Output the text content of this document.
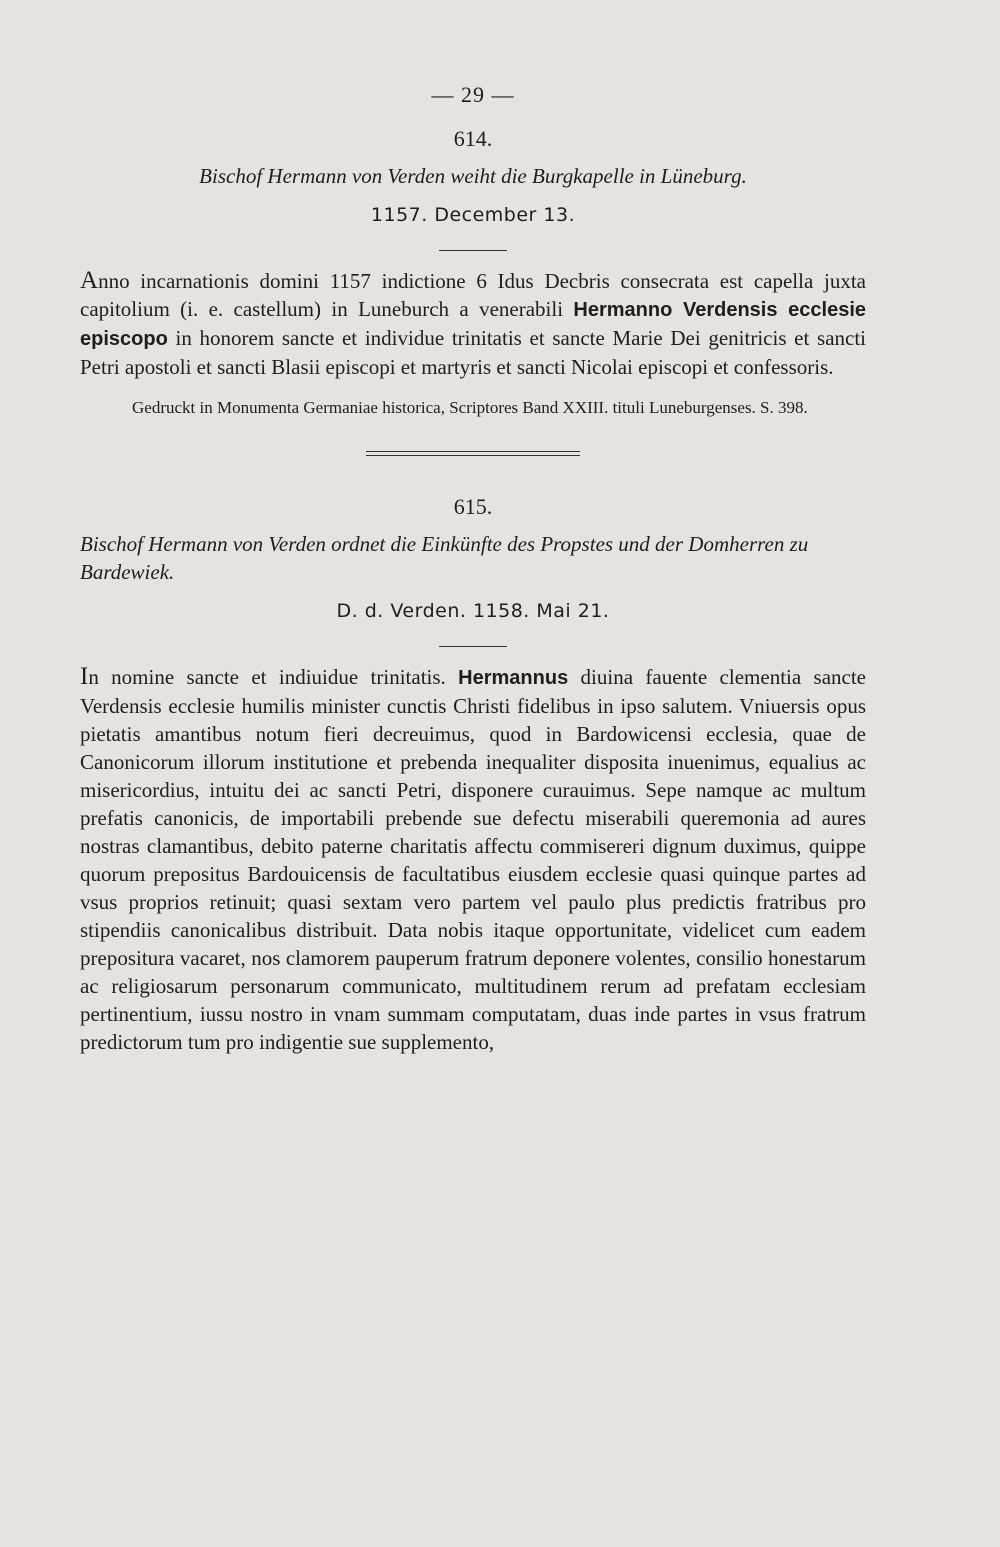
— 29 —
614.
Bischof Hermann von Verden weiht die Burgkapelle in Lüneburg.
1157. December 13.

Anno incarnationis domini 1157 indictione 6 Idus Decbris consecrata est capella juxta capitolium (i. e. castellum) in Luneburch a venerabili Hermanno Verdensis ecclesie episcopo in honorem sancte et individue trinitatis et sancte Marie Dei genitricis et sancti Petri apostoli et sancti Blasii episcopi et martyris et sancti Nicolai episcopi et confessoris.

Gedruckt in Monumenta Germaniae historica, Scriptores Band XXIII. tituli Luneburgenses. S. 398.

615.
Bischof Hermann von Verden ordnet die Einkünfte des Propstes und der Domherren zu Bardewiek.
D. d. Verden. 1158. Mai 21.

In nomine sancte et indiuidue trinitatis. Hermannus diuina fauente clementia sancte Verdensis ecclesie humilis minister cunctis Christi fidelibus in ipso salutem. Vniuersis opus pietatis amantibus notum fieri decreuimus, quod in Bardowicensi ecclesia, quae de Canonicorum illorum institutione et prebenda inequaliter disposita inuenimus, equalius ac misericordius, intuitu dei ac sancti Petri, disponere curauimus. Sepe namque ac multum prefatis canonicis, de importabili prebende sue defectu miserabili queremonia ad aures nostras clamantibus, debito paterne charitatis affectu commisereri dignum duximus, quippe quorum prepositus Bardouicensis de facultatibus eiusdem ecclesie quasi quinque partes ad vsus proprios retinuit; quasi sextam vero partem vel paulo plus predictis fratribus pro stipendiis canonicalibus distribuit. Data nobis itaque opportunitate, videlicet cum eadem prepositura vacaret, nos clamorem pauperum fratrum deponere volentes, consilio honestarum ac religiosarum personarum communicato, multitudinem rerum ad prefatam ecclesiam pertinentium, iussu nostro in vnam summam computatam, duas inde partes in vsus fratrum predictorum tum pro indigentie sue supplemento,
